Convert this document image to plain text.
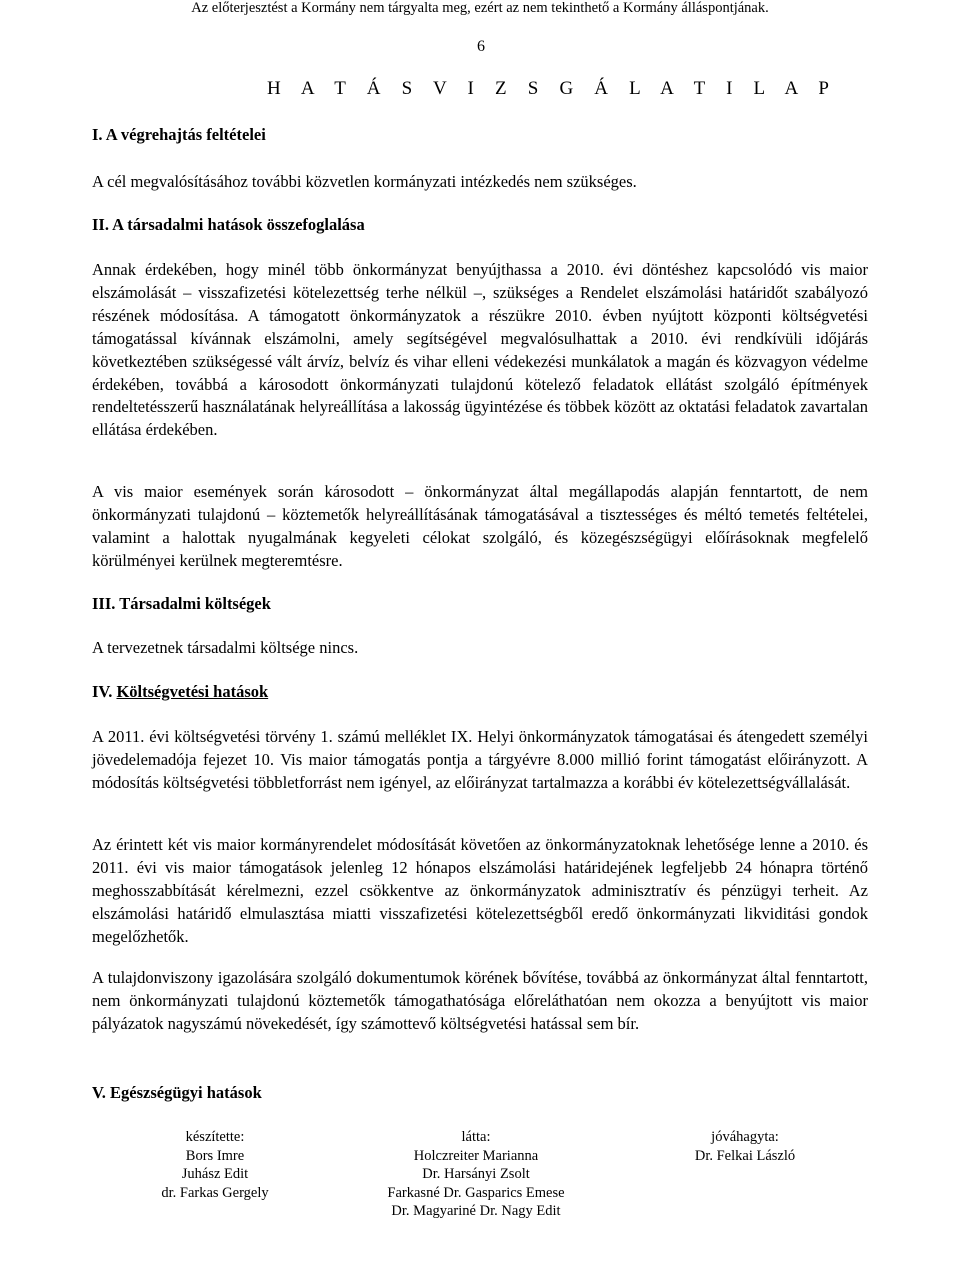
Az előterjesztést a Kormány nem tárgyalta meg, ezért az nem tekinthető a Kormány álláspontjának.
6
H A T Á S V I Z S G Á L A T I L A P
I. A végrehajtás feltételei

A cél megvalósításához további közvetlen kormányzati intézkedés nem szükséges.

II. A társadalmi hatások összefoglalása

Annak érdekében, hogy minél több önkormányzat benyújthassa a 2010. évi döntéshez kapcsolódó vis maior elszámolását – visszafizetési kötelezettség terhe nélkül –, szükséges a Rendelet elszámolási határidőt szabályozó részének módosítása. A támogatott önkormányzatok a részükre 2010. évben nyújtott központi költségvetési támogatással kívánnak elszámolni, amely segítségével megvalósulhattak a 2010. évi rendkívüli időjárás következtében szükségessé vált árvíz, belvíz és vihar elleni védekezési munkálatok a magán és közvagyon védelme érdekében, továbbá a károsodott önkormányzati tulajdonú kötelező feladatok ellátást szolgáló építmények rendeltetésszerű használatának helyreállítása a lakosság ügyintézése és többek között az oktatási feladatok zavartalan ellátása érdekében.

A vis maior események során károsodott – önkormányzat által megállapodás alapján fenntartott, de nem önkormányzati tulajdonú – köztemetők helyreállításának támogatásával a tisztességes és méltó temetés feltételei, valamint a halottak nyugalmának kegyeleti célokat szolgáló, és közegészségügyi előírásoknak megfelelő körülményei kerülnek megteremtésre.

III. Társadalmi költségek

A tervezetnek társadalmi költsége nincs.

IV. Költségvetési hatások

A 2011. évi költségvetési törvény 1. számú melléklet IX. Helyi önkormányzatok támogatásai és átengedett személyi jövedelemadója fejezet 10. Vis maior támogatás pontja a tárgyévre 8.000 millió forint támogatást előirányzott. A módosítás költségvetési többletforrást nem igényel, az előirányzat tartalmazza a korábbi év kötelezettségvállalását.

Az érintett két vis maior kormányrendelet módosítását követően az önkormányzatoknak lehetősége lenne a 2010. és 2011. évi vis maior támogatások jelenleg 12 hónapos elszámolási határidejének legfeljebb 24 hónapra történő meghosszabbítását kérelmezni, ezzel csökkentve az önkormányzatok adminisztratív és pénzügyi terheit. Az elszámolási határidő elmulasztása miatti visszafizetési kötelezettségből eredő önkormányzati likviditási gondok megelőzhetők.

A tulajdonviszony igazolására szolgáló dokumentumok körének bővítése, továbbá az önkormányzat által fenntartott, nem önkormányzati tulajdonú köztemetők támogathatósága előreláthatóan nem okozza a benyújtott vis maior pályázatok nagyszámú növekedését, így számottevő költségvetési hatással sem bír.

V. Egészségügyi hatások
készítette:
Bors Imre
Juhász Edit
dr. Farkas Gergely
látta:
Holczreiter Marianna
Dr. Harsányi Zsolt
Farkasné Dr. Gasparics Emese
Dr. Magyariné Dr. Nagy Edit
jóváhagyta:
Dr. Felkai László
